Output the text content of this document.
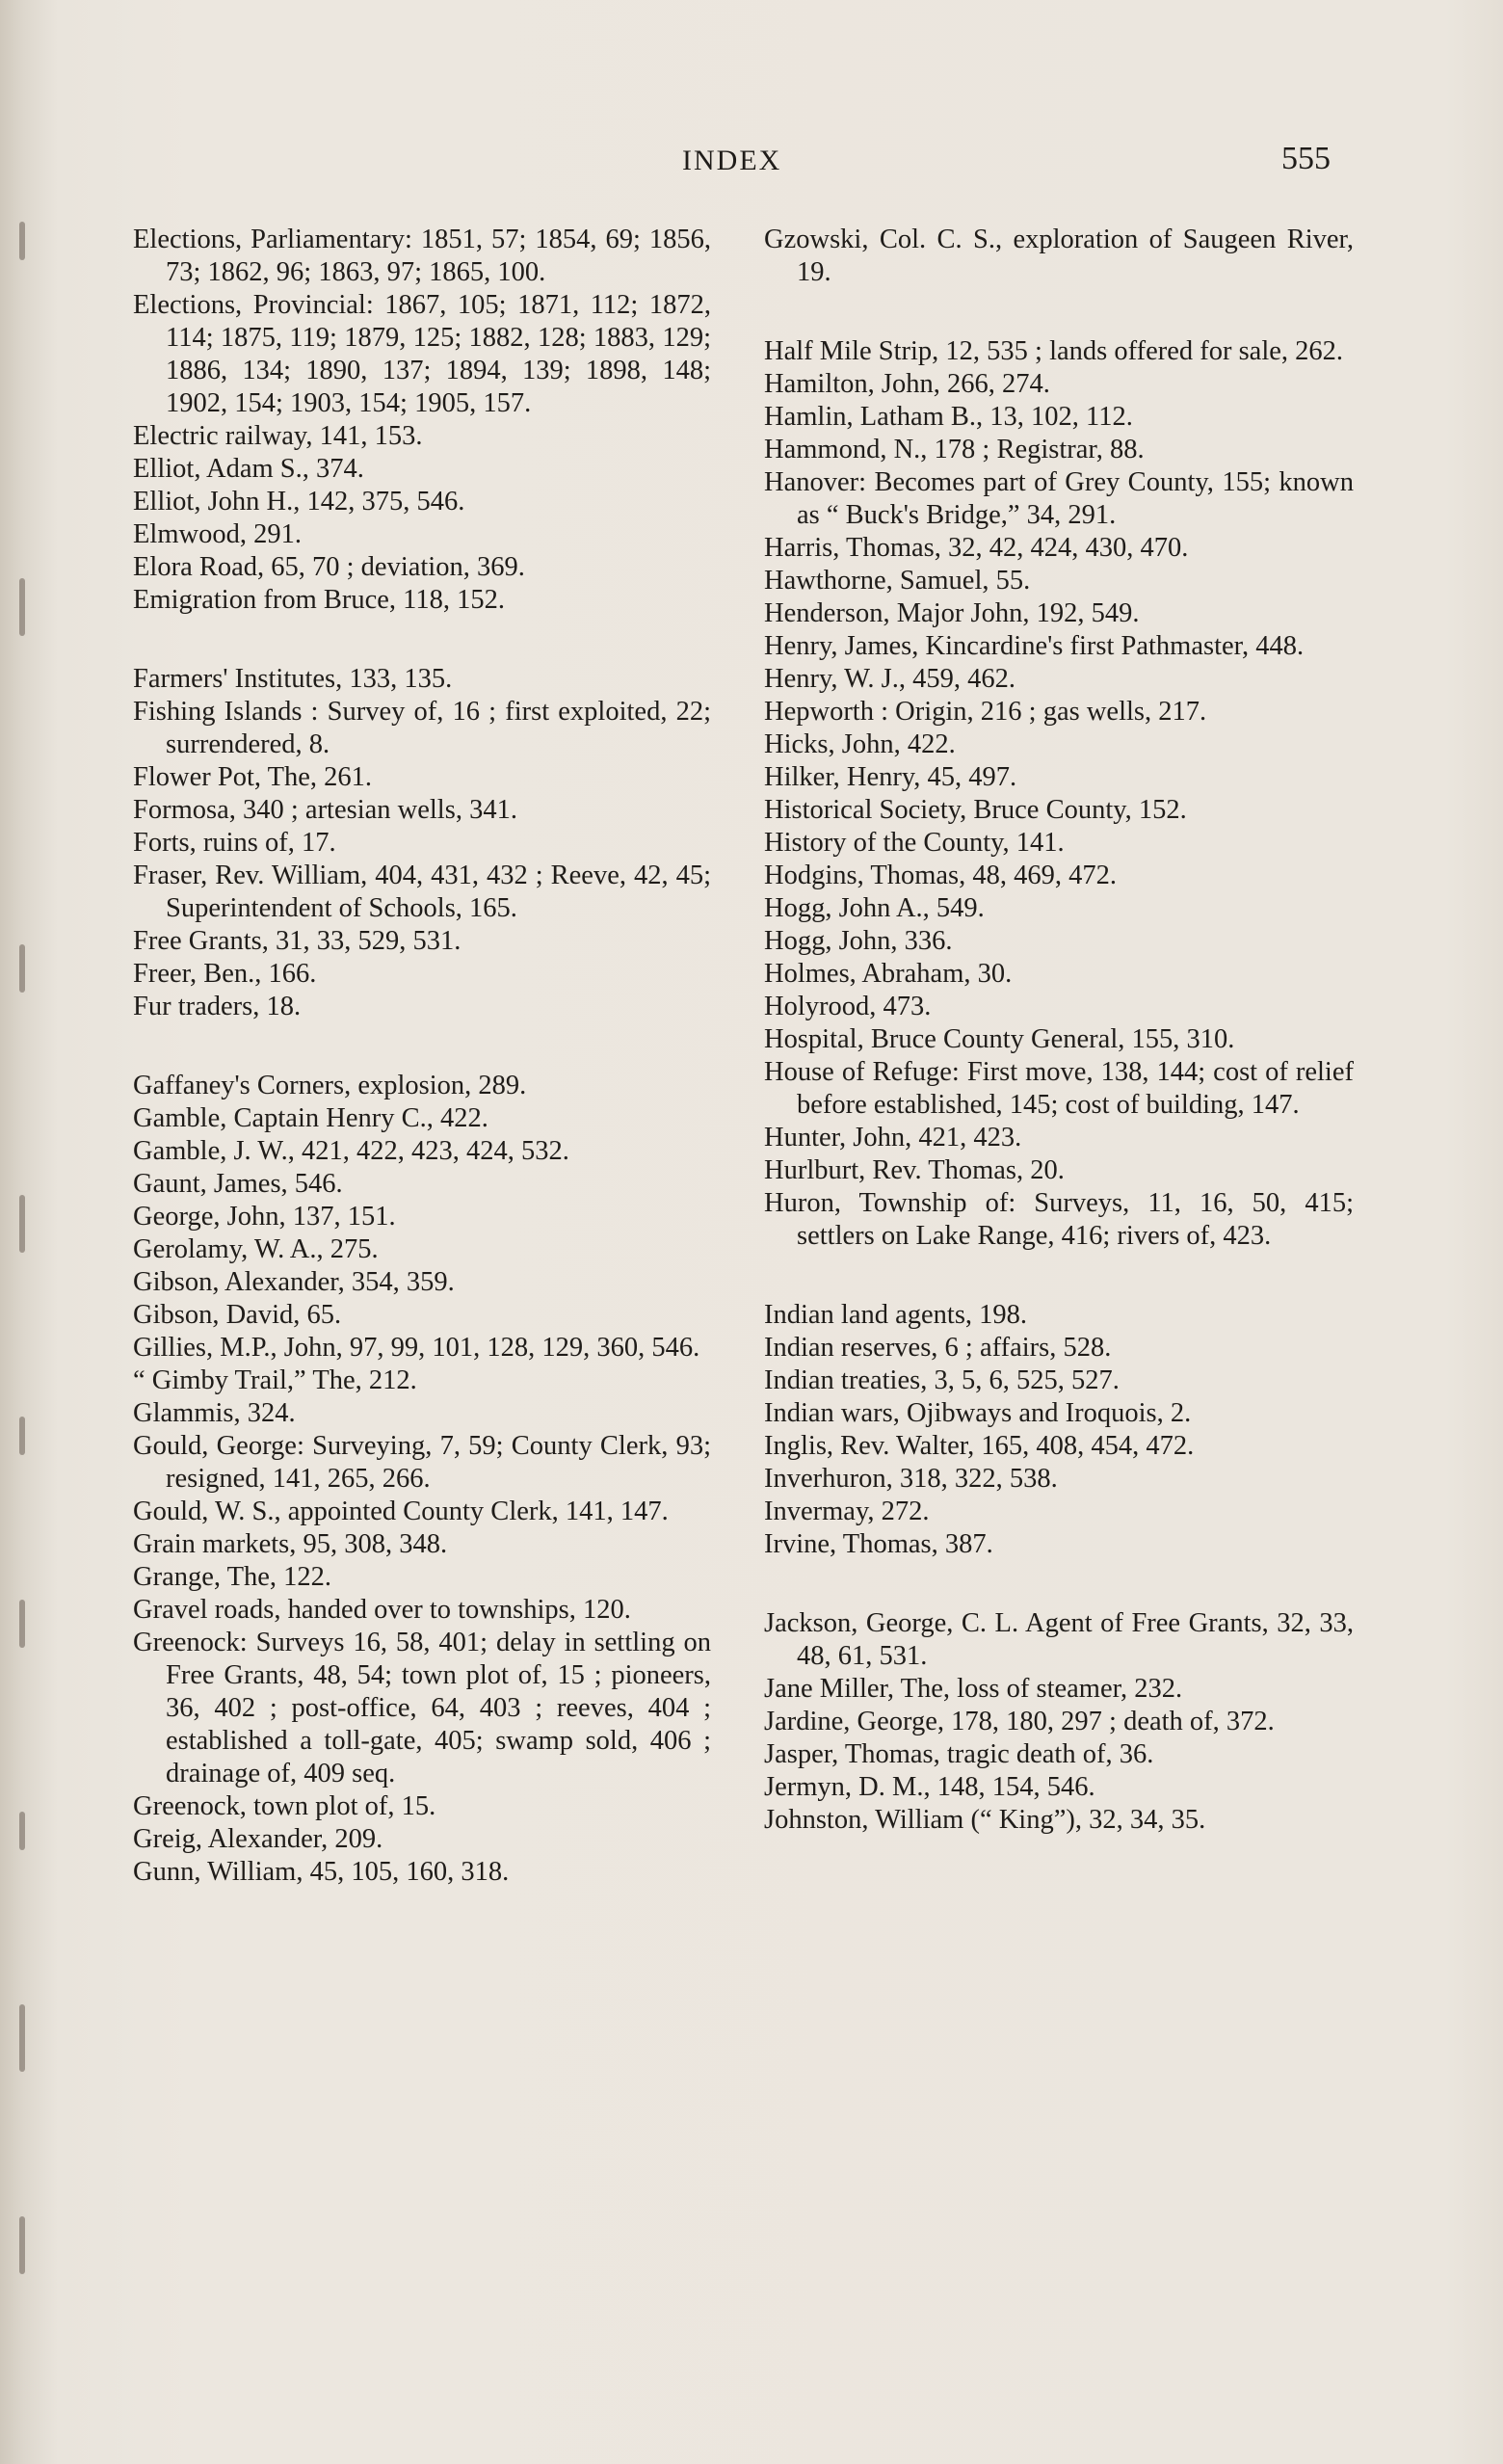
INDEX	555

Elections, Parliamentary: 1851, 57; 1854, 69; 1856, 73; 1862, 96; 1863, 97; 1865, 100.

Elections, Provincial: 1867, 105; 1871, 112; 1872, 114; 1875, 119; 1879, 125; 1882, 128; 1883, 129; 1886, 134; 1890, 137; 1894, 139; 1898, 148; 1902, 154; 1903, 154; 1905, 157.

Electric railway, 141, 153.

Elliot, Adam S., 374.

Elliot, John H., 142, 375, 546.

Elmwood, 291.

Elora Road, 65, 70 ; deviation, 369.

Emigration from Bruce, 118, 152.

Farmers' Institutes, 133, 135.

Fishing Islands : Survey of, 16 ; first exploited, 22; surrendered, 8.

Flower Pot, The, 261.

Formosa, 340 ; artesian wells, 341.

Forts, ruins of, 17.

Fraser, Rev. William, 404, 431, 432 ; Reeve, 42, 45; Superintendent of Schools, 165.

Free Grants, 31, 33, 529, 531.

Freer, Ben., 166.

Fur traders, 18.

Gaffaney's Corners, explosion, 289.

Gamble, Captain Henry C., 422.

Gamble, J. W., 421, 422, 423, 424, 532.

Gaunt, James, 546.

George, John, 137, 151.

Gerolamy, W. A., 275.

Gibson, Alexander, 354, 359.

Gibson, David, 65.

Gillies, M.P., John, 97, 99, 101, 128, 129, 360, 546.

“ Gimby Trail,” The, 212.

Glammis, 324.

Gould, George: Surveying, 7, 59; County Clerk, 93; resigned, 141, 265, 266.

Gould, W. S., appointed County Clerk, 141, 147.

Grain markets, 95, 308, 348.

Grange, The, 122.

Gravel roads, handed over to townships, 120.

Greenock: Surveys 16, 58, 401; delay in settling on Free Grants, 48, 54; town plot of, 15 ; pioneers, 36, 402 ; post-office, 64, 403 ; reeves, 404 ; established a toll-gate, 405; swamp sold, 406 ; drainage of, 409 seq.

Greenock, town plot of, 15.

Greig, Alexander, 209.

Gunn, William, 45, 105, 160, 318.

Gzowski, Col. C. S., exploration of Saugeen River, 19.

Half Mile Strip, 12, 535 ; lands offered for sale, 262.

Hamilton, John, 266, 274.

Hamlin, Latham B., 13, 102, 112.

Hammond, N., 178 ; Registrar, 88.

Hanover: Becomes part of Grey County, 155; known as “ Buck's Bridge,” 34, 291.

Harris, Thomas, 32, 42, 424, 430, 470.

Hawthorne, Samuel, 55.

Henderson, Major John, 192, 549.

Henry, James, Kincardine's first Pathmaster, 448.

Henry, W. J., 459, 462.

Hepworth : Origin, 216 ; gas wells, 217.

Hicks, John, 422.

Hilker, Henry, 45, 497.

Historical Society, Bruce County, 152.

History of the County, 141.

Hodgins, Thomas, 48, 469, 472.

Hogg, John A., 549.

Hogg, John, 336.

Holmes, Abraham, 30.

Holyrood, 473.

Hospital, Bruce County General, 155, 310.

House of Refuge: First move, 138, 144; cost of relief before established, 145; cost of building, 147.

Hunter, John, 421, 423.

Hurlburt, Rev. Thomas, 20.

Huron, Township of: Surveys, 11, 16, 50, 415; settlers on Lake Range, 416; rivers of, 423.

Indian land agents, 198.

Indian reserves, 6 ; affairs, 528.

Indian treaties, 3, 5, 6, 525, 527.

Indian wars, Ojibways and Iroquois, 2.

Inglis, Rev. Walter, 165, 408, 454, 472.

Inverhuron, 318, 322, 538.

Invermay, 272.

Irvine, Thomas, 387.

Jackson, George, C. L. Agent of Free Grants, 32, 33, 48, 61, 531.

Jane Miller, The, loss of steamer, 232.

Jardine, George, 178, 180, 297 ; death of, 372.

Jasper, Thomas, tragic death of, 36.

Jermyn, D. M., 148, 154, 546.

Johnston, William (“ King”), 32, 34, 35.
